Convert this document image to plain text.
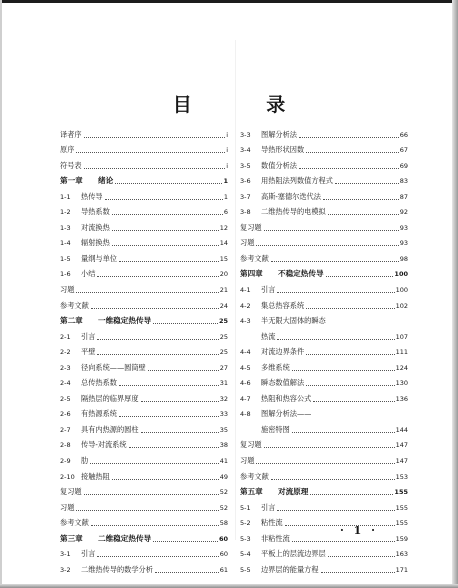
目 录
译者序	i
原序	i
符号表	i
第一章	绪论	1
1-1	热传导	1
1-2	导热系数	6
1-3	对流换热	12
1-4	辐射换热	14
1-5	量纲与单位	15
1-6	小结	20
习题	21
参考文献	24
第二章	一维稳定热传导	25
2-1	引言	25
2-2	平壁	25
2-3	径向系统——圆筒壁	27
2-4	总传热系数	31
2-5	隔热层的临界厚度	32
2-6	有热源系统	33
2-7	具有内热源的圆柱	35
2-8	传导-对流系统	38
2-9	肋	41
2-10 接触热阻	49
复习题	52
习题	52
参考文献	58
第三章	二维稳定热传导	60
3-1	引言	60
3-2	二维热传导的数学分析	61
3-3	图解分析法	66
3-4	导热形状因数	67
3-5	数值分析法	69
3-6	用热阻法列数值方程式	83
3-7	高斯-塞德尔迭代法	87
3-8	二维热传导的电模拟	92
复习题	93
习题	93
参考文献	98
第四章	不稳定热传导	100
4-1	引言	100
4-2	集总热容系统	102
4-3	半无限大固体的瞬态
热流	107
4-4	对流边界条件	111
4-5	多维系统	124
4-6	瞬态数值解法	130
4-7	热阻和热容公式	136
4-8	图解分析法——
施密特图	144
复习题	147
习题	147
参考文献	153
第五章	对流原理	155
5-1	引言	155
5-2	粘性流	155
5-3	非粘性流	159
5-4	平板上的层流边界层	163
5-5	边界层的能量方程	171
· 1 ·
